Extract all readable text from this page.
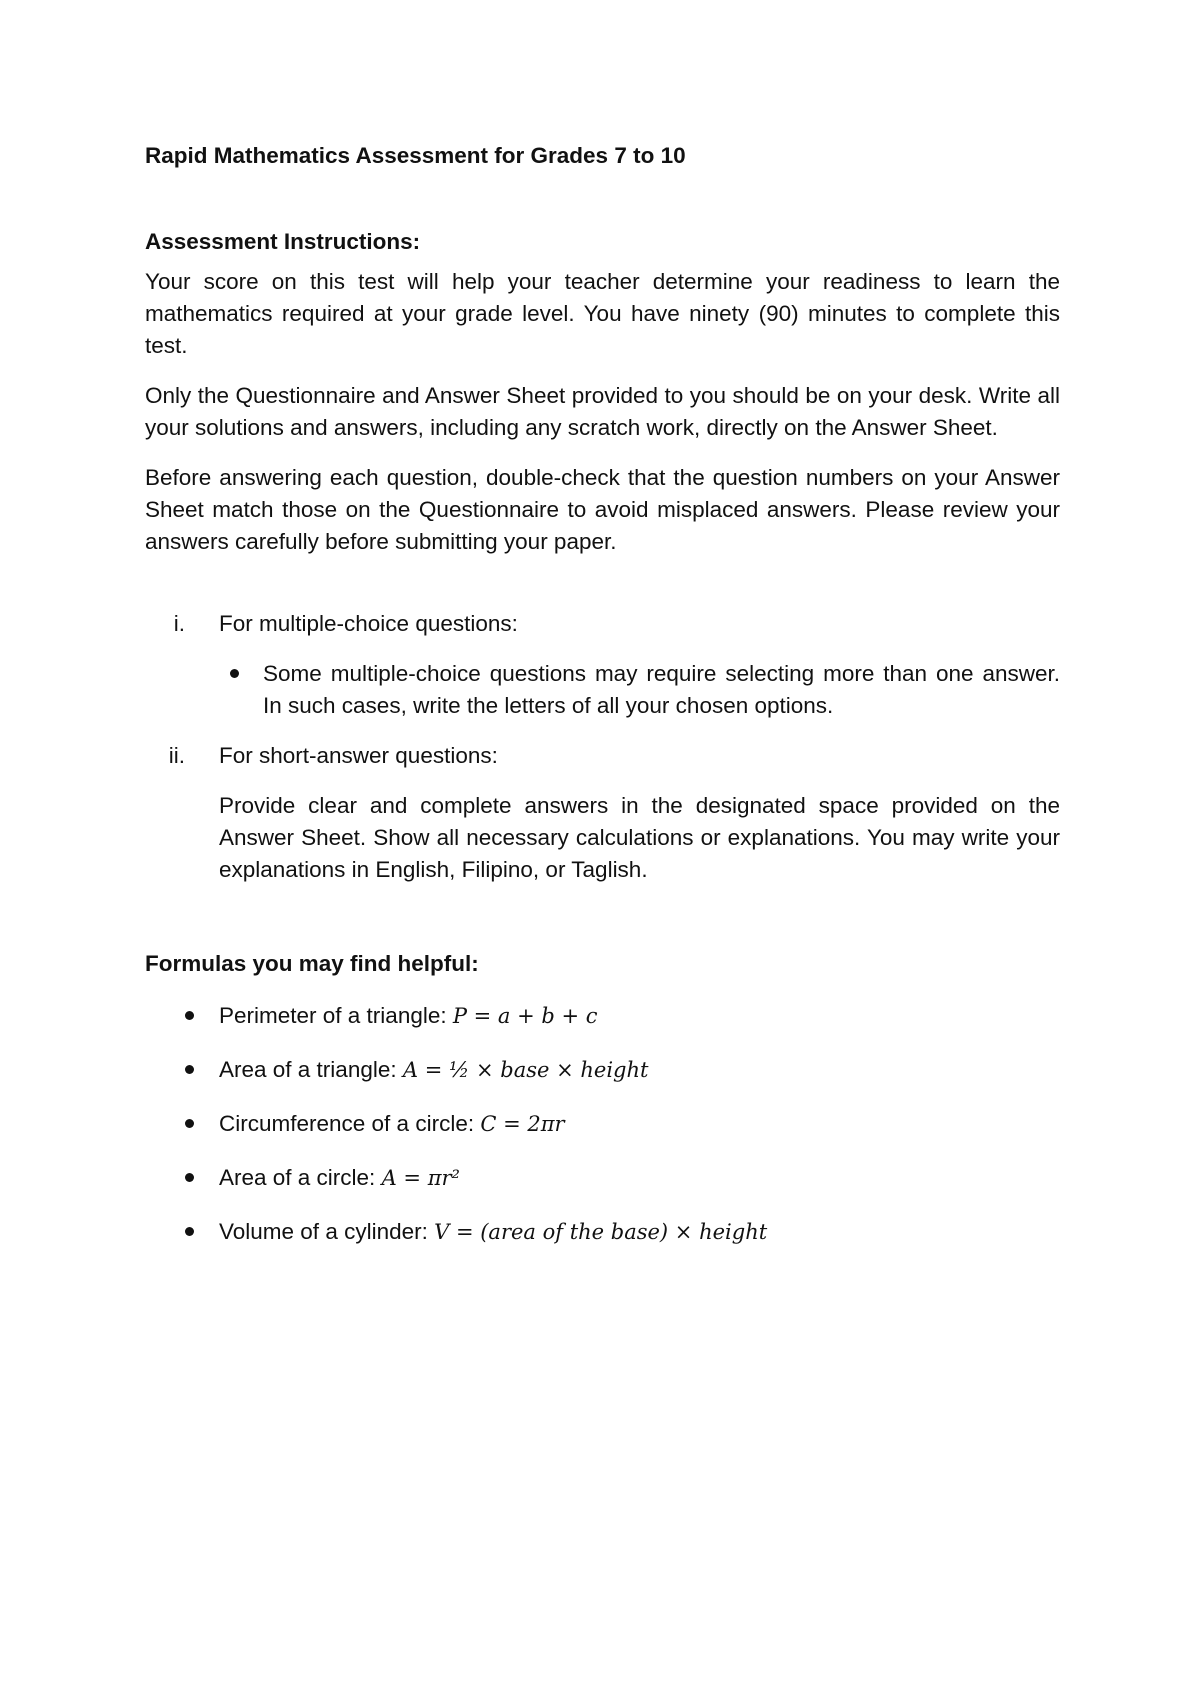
Rapid Mathematics Assessment for Grades 7 to 10

Assessment Instructions:

Your score on this test will help your teacher determine your readiness to learn the mathematics required at your grade level. You have ninety (90) minutes to complete this test.

Only the Questionnaire and Answer Sheet provided to you should be on your desk. Write all your solutions and answers, including any scratch work, directly on the Answer Sheet.

Before answering each question, double-check that the question numbers on your Answer Sheet match those on the Questionnaire to avoid misplaced answers. Please review your answers carefully before submitting your paper.

i. For multiple-choice questions:
Some multiple-choice questions may require selecting more than one answer. In such cases, write the letters of all your chosen options.
ii. For short-answer questions:
Provide clear and complete answers in the designated space provided on the Answer Sheet. Show all necessary calculations or explanations. You may write your explanations in English, Filipino, or Taglish.

Formulas you may find helpful:

Perimeter of a triangle: P = a + b + c
Area of a triangle: A = ½ × base × height
Circumference of a circle: C = 2πr
Area of a circle: A = πr²
Volume of a cylinder: V = (area of the base) × height
